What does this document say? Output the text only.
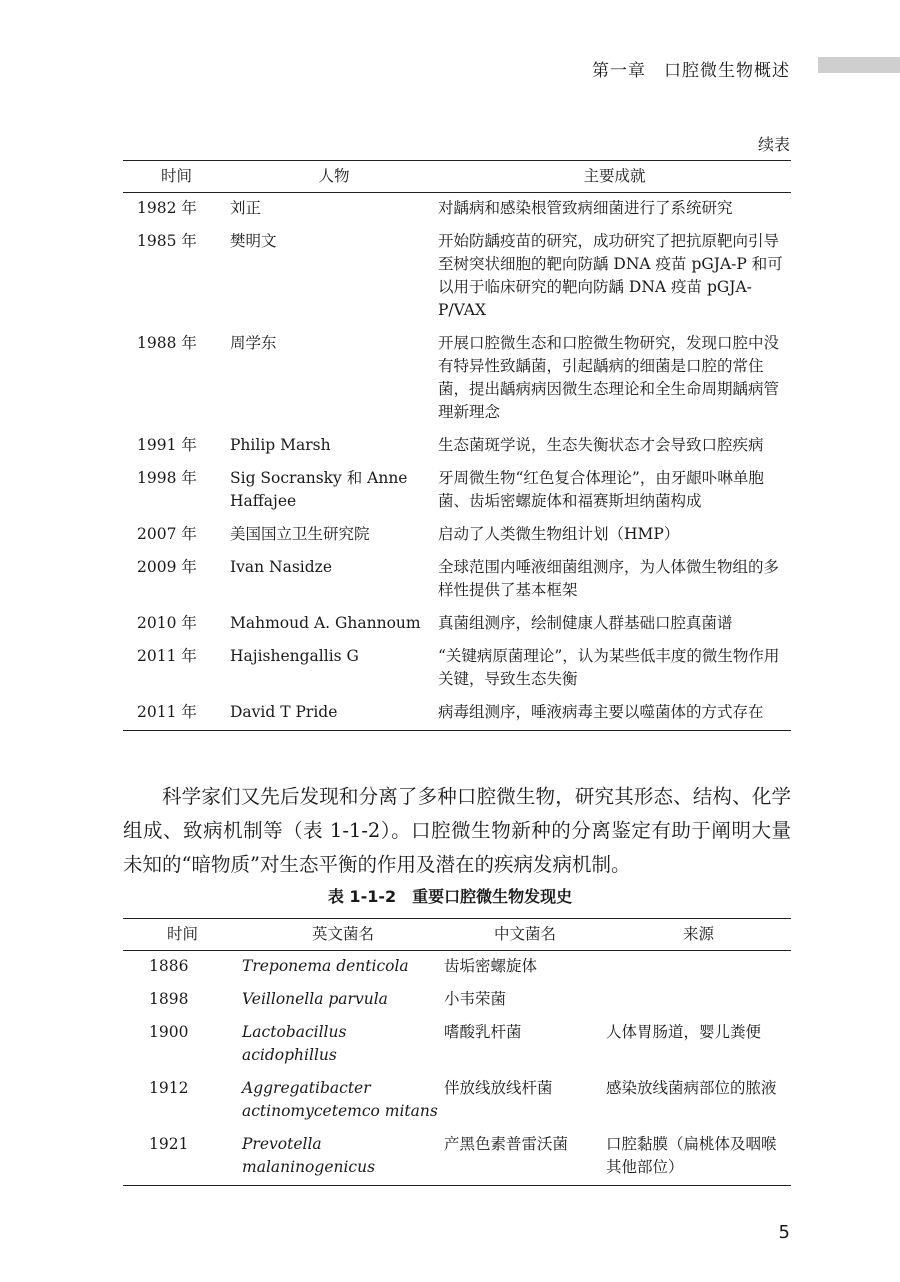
第一章　口腔微生物概述
续表
时间	人物	主要成就
1982 年	刘正	对龋病和感染根管致病细菌进行了系统研究
1985 年	樊明文	开始防龋疫苗的研究，成功研究了把抗原靶向引导至树突状细胞的靶向防龋 DNA 疫苗 pGJA-P 和可以用于临床研究的靶向防龋 DNA 疫苗 pGJA-P/VAX
1988 年	周学东	开展口腔微生态和口腔微生物研究，发现口腔中没有特异性致龋菌，引起龋病的细菌是口腔的常住菌，提出龋病病因微生态理论和全生命周期龋病管理新理念
1991 年	Philip Marsh	生态菌斑学说，生态失衡状态才会导致口腔疾病
1998 年	Sig Socransky 和 Anne Haffajee	牙周微生物“红色复合体理论”，由牙龈卟啉单胞菌、齿垢密螺旋体和福赛斯坦纳菌构成
2007 年	美国国立卫生研究院	启动了人类微生物组计划（HMP）
2009 年	Ivan Nasidze	全球范围内唾液细菌组测序，为人体微生物组的多样性提供了基本框架
2010 年	Mahmoud A. Ghannoum	真菌组测序，绘制健康人群基础口腔真菌谱
2011 年	Hajishengallis G	“关键病原菌理论”，认为某些低丰度的微生物作用关键，导致生态失衡
2011 年	David T Pride	病毒组测序，唾液病毒主要以噬菌体的方式存在

科学家们又先后发现和分离了多种口腔微生物，研究其形态、结构、化学组成、致病机制等（表 1-1-2）。口腔微生物新种的分离鉴定有助于阐明大量未知的“暗物质”对生态平衡的作用及潜在的疾病发病机制。

表 1-1-2　重要口腔微生物发现史
时间	英文菌名	中文菌名	来源
1886	Treponema denticola	齿垢密螺旋体	
1898	Veillonella parvula	小韦荣菌	
1900	Lactobacillus acidophillus	嗜酸乳杆菌	人体胃肠道，婴儿粪便
1912	Aggregatibacter actinomycetemco mitans	伴放线放线杆菌	感染放线菌病部位的脓液
1921	Prevotella malaninogenicus	产黑色素普雷沃菌	口腔黏膜（扁桃体及咽喉其他部位）
5
